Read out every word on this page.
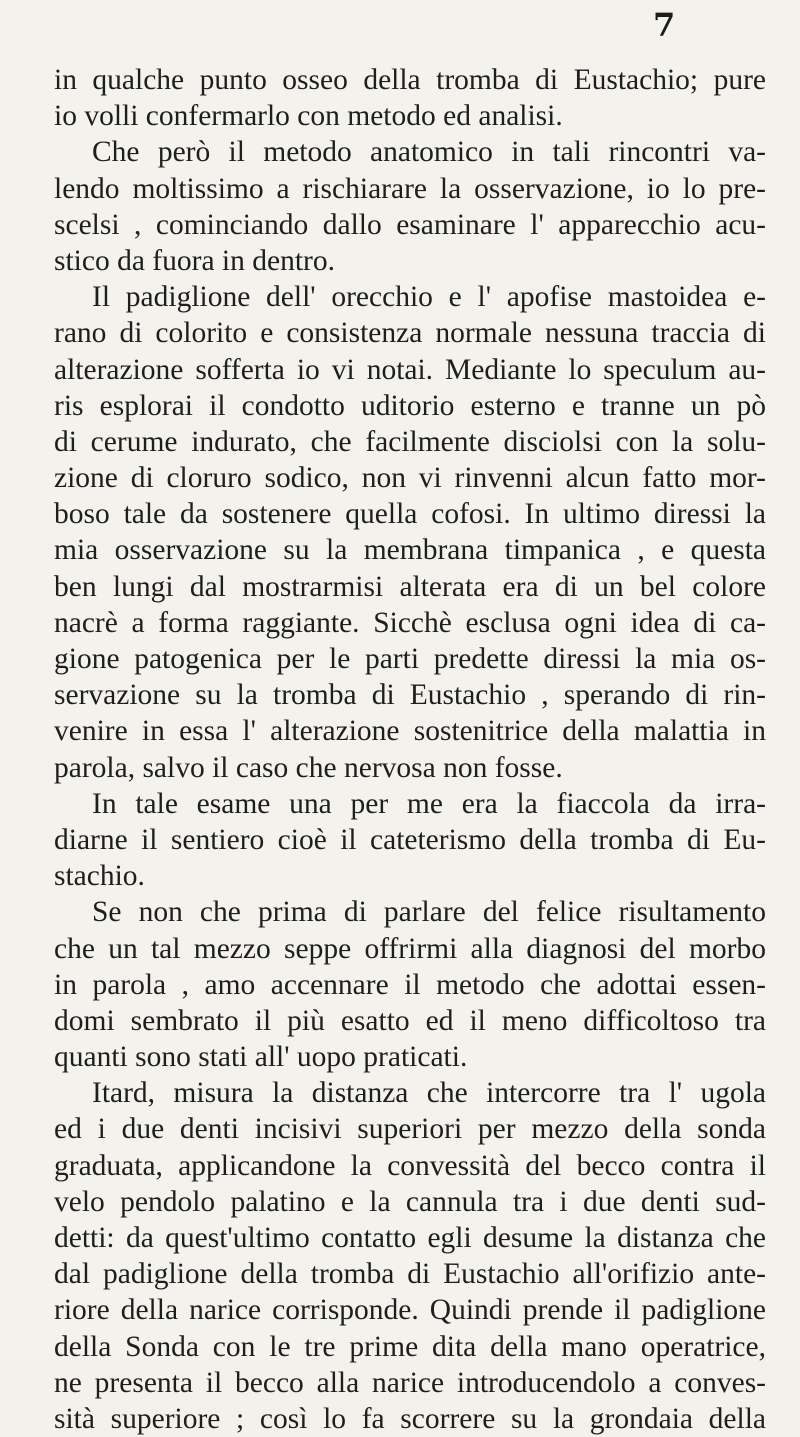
7
in qualche punto osseo della tromba di Eustachio; pure
io volli confermarlo con metodo ed analisi.
Che però il metodo anatomico in tali rincontri va-
lendo moltissimo a rischiarare la osservazione, io lo pre-
scelsi , cominciando dallo esaminare l' apparecchio acu-
stico da fuora in dentro.
Il padiglione dell' orecchio e l' apofise mastoidea e-
rano di colorito e consistenza normale nessuna traccia di
alterazione sofferta io vi notai. Mediante lo speculum au-
ris esplorai il condotto uditorio esterno e tranne un pò
di cerume indurato, che facilmente disciolsi con la solu-
zione di cloruro sodico, non vi rinvenni alcun fatto mor-
boso tale da sostenere quella cofosi. In ultimo diressi la
mia osservazione su la membrana timpanica , e questa
ben lungi dal mostrarmisi alterata era di un bel colore
nacrè a forma raggiante. Sicchè esclusa ogni idea di ca-
gione patogenica per le parti predette diressi la mia os-
servazione su la tromba di Eustachio , sperando di rin-
venire in essa l' alterazione sostenitrice della malattia in
parola, salvo il caso che nervosa non fosse.
In tale esame una per me era la fiaccola da irra-
diarne il sentiero cioè il cateterismo della tromba di Eu-
stachio.
Se non che prima di parlare del felice risultamento
che un tal mezzo seppe offrirmi alla diagnosi del morbo
in parola , amo accennare il metodo che adottai essen-
domi sembrato il più esatto ed il meno difficoltoso tra
quanti sono stati all' uopo praticati.
Itard, misura la distanza che intercorre tra l' ugola
ed i due denti incisivi superiori per mezzo della sonda
graduata, applicandone la convessità del becco contra il
velo pendolo palatino e la cannula tra i due denti sud-
detti: da quest'ultimo contatto egli desume la distanza che
dal padiglione della tromba di Eustachio all'orifizio ante-
riore della narice corrisponde. Quindi prende il padiglione
della Sonda con le tre prime dita della mano operatrice,
ne presenta il becco alla narice introducendolo a conves-
sità superiore ; così lo fa scorrere su la grondaia della
